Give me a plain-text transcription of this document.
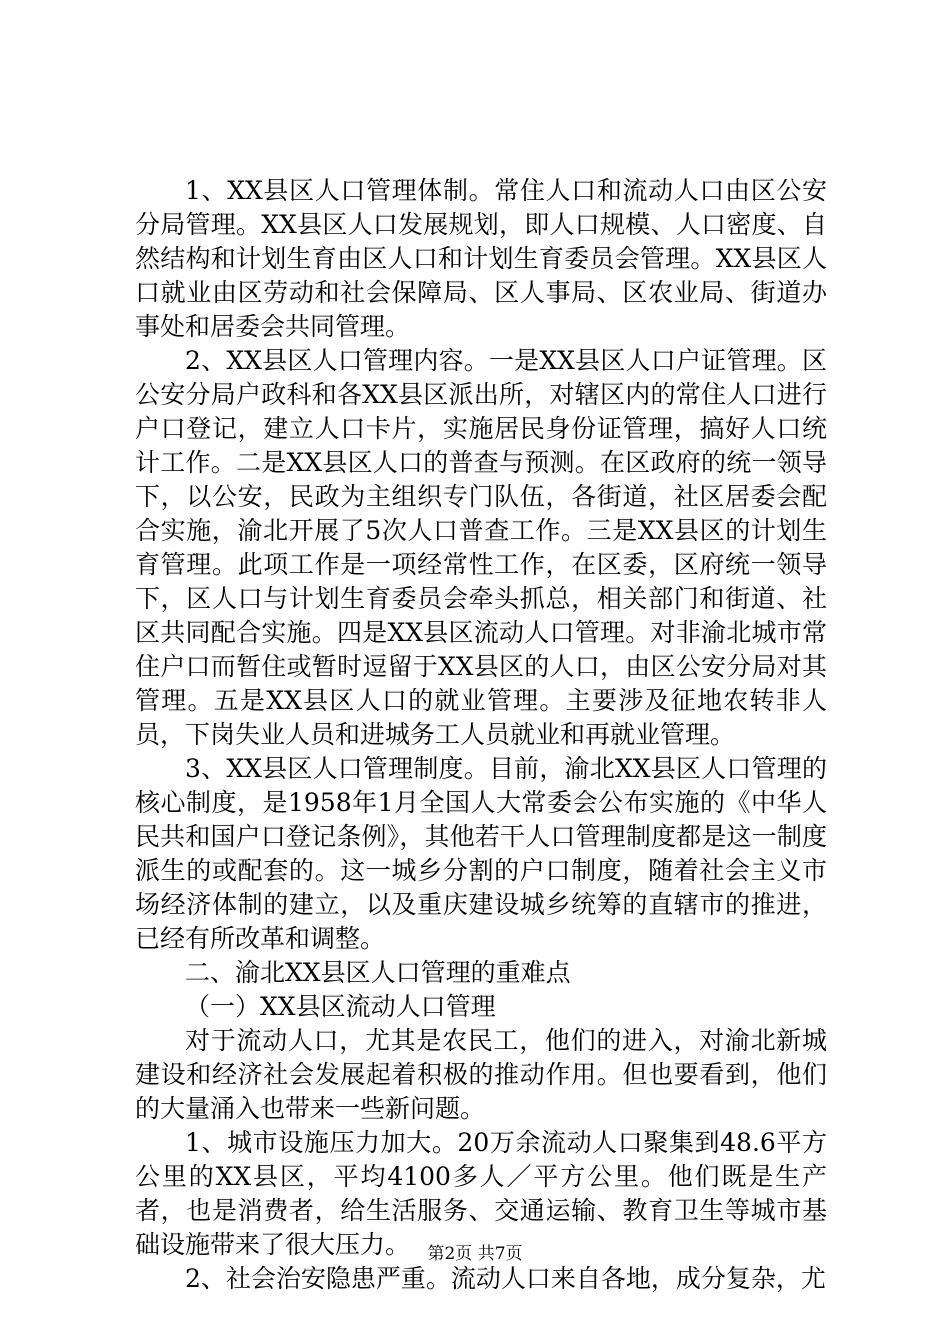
1、XX县区人口管理体制。常住人口和流动人口由区公安分局管理。XX县区人口发展规划，即人口规模、人口密度、自然结构和计划生育由区人口和计划生育委员会管理。XX县区人口就业由区劳动和社会保障局、区人事局、区农业局、街道办事处和居委会共同管理。

2、XX县区人口管理内容。一是XX县区人口户证管理。区公安分局户政科和各XX县区派出所，对辖区内的常住人口进行户口登记，建立人口卡片，实施居民身份证管理，搞好人口统计工作。二是XX县区人口的普查与预测。在区政府的统一领导下，以公安，民政为主组织专门队伍，各街道，社区居委会配合实施，渝北开展了5次人口普查工作。三是XX县区的计划生育管理。此项工作是一项经常性工作，在区委，区府统一领导下，区人口与计划生育委员会牵头抓总，相关部门和街道、社区共同配合实施。四是XX县区流动人口管理。对非渝北城市常住户口而暂住或暂时逗留于XX县区的人口，由区公安分局对其管理。五是XX县区人口的就业管理。主要涉及征地农转非人员，下岗失业人员和进城务工人员就业和再就业管理。

3、XX县区人口管理制度。目前，渝北XX县区人口管理的核心制度，是1958年1月全国人大常委会公布实施的《中华人民共和国户口登记条例》，其他若干人口管理制度都是这一制度派生的或配套的。这一城乡分割的户口制度，随着社会主义市场经济体制的建立，以及重庆建设城乡统筹的直辖市的推进，已经有所改革和调整。

二、渝北XX县区人口管理的重难点

（一）XX县区流动人口管理

对于流动人口，尤其是农民工，他们的进入，对渝北新城建设和经济社会发展起着积极的推动作用。但也要看到，他们的大量涌入也带来一些新问题。

1、城市设施压力加大。20万余流动人口聚集到48.6平方公里的XX县区，平均4100多人／平方公里。他们既是生产者，也是消费者，给生活服务、交通运输、教育卫生等城市基础设施带来了很大压力。

2、社会治安隐患严重。流动人口来自各地，成分复杂，尤

第2页 共7页
